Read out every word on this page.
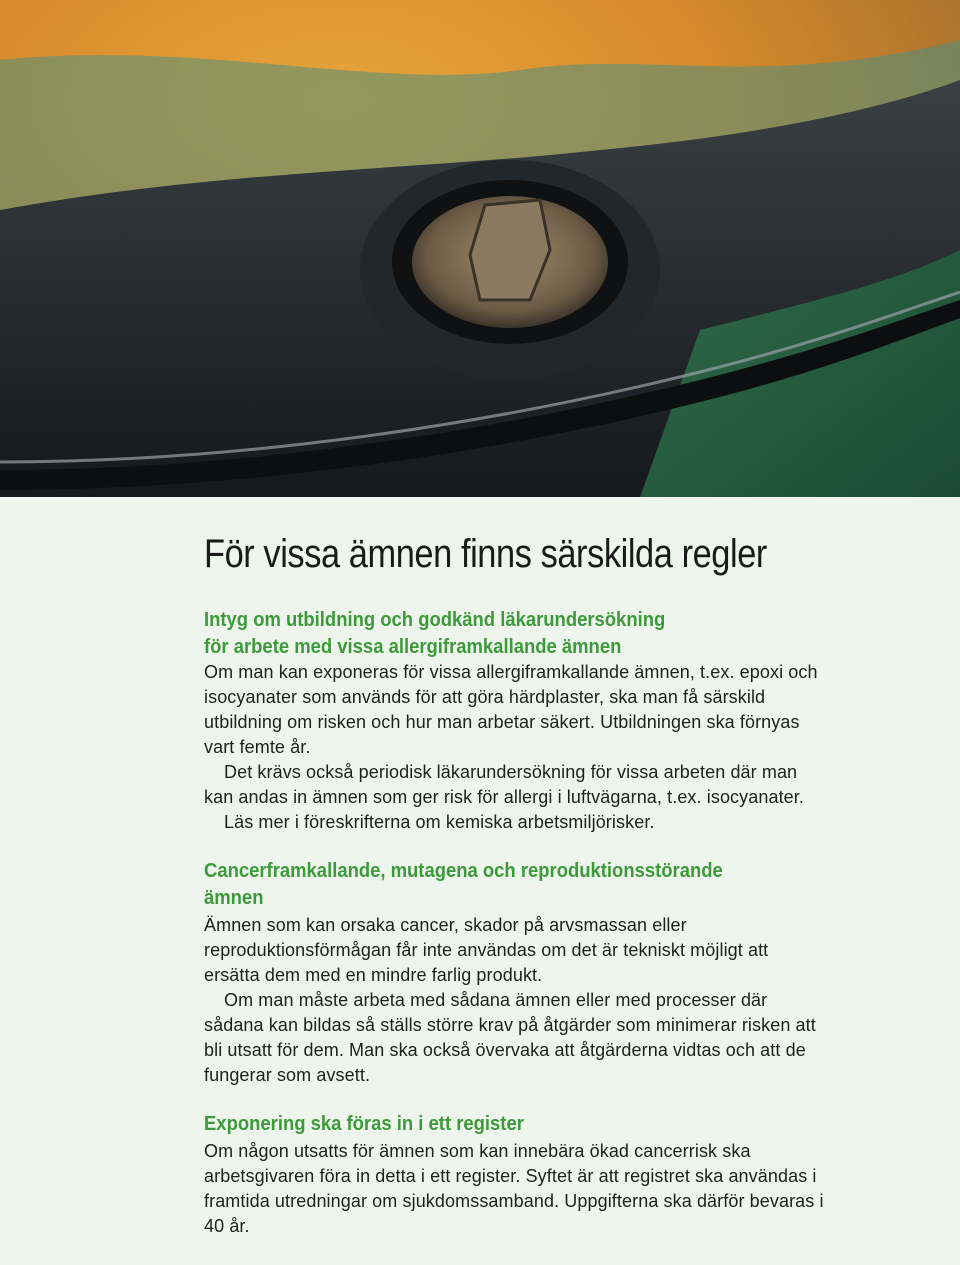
För vissa ämnen finns särskilda regler
Intyg om utbildning och godkänd läkarundersökning
för arbete med vissa allergiframkallande ämnen

Om man kan exponeras för vissa allergiframkallande ämnen, t.ex. epoxi och isocyanater som används för att göra härdplaster, ska man få särskild utbildning om risken och hur man arbetar säkert. Utbildningen ska förnyas vart femte år.

Det krävs också periodisk läkarundersökning för vissa arbeten där man kan andas in ämnen som ger risk för allergi i luftvägarna, t.ex. isocyanater.

Läs mer i föreskrifterna om kemiska arbetsmiljörisker.

Cancerframkallande, mutagena och reproduktionsstörande
ämnen

Ämnen som kan orsaka cancer, skador på arvsmassan eller reproduktionsförmågan får inte användas om det är tekniskt möjligt att ersätta dem med en mindre farlig produkt.

Om man måste arbeta med sådana ämnen eller med processer där sådana kan bildas så ställs större krav på åtgärder som minimerar risken att bli utsatt för dem. Man ska också övervaka att åtgärderna vidtas och att de fungerar som avsett.

Exponering ska föras in i ett register

Om någon utsatts för ämnen som kan innebära ökad cancerrisk ska arbetsgivaren föra in detta i ett register. Syftet är att registret ska användas i framtida utredningar om sjukdomssamband. Uppgifterna ska därför bevaras i 40 år.
